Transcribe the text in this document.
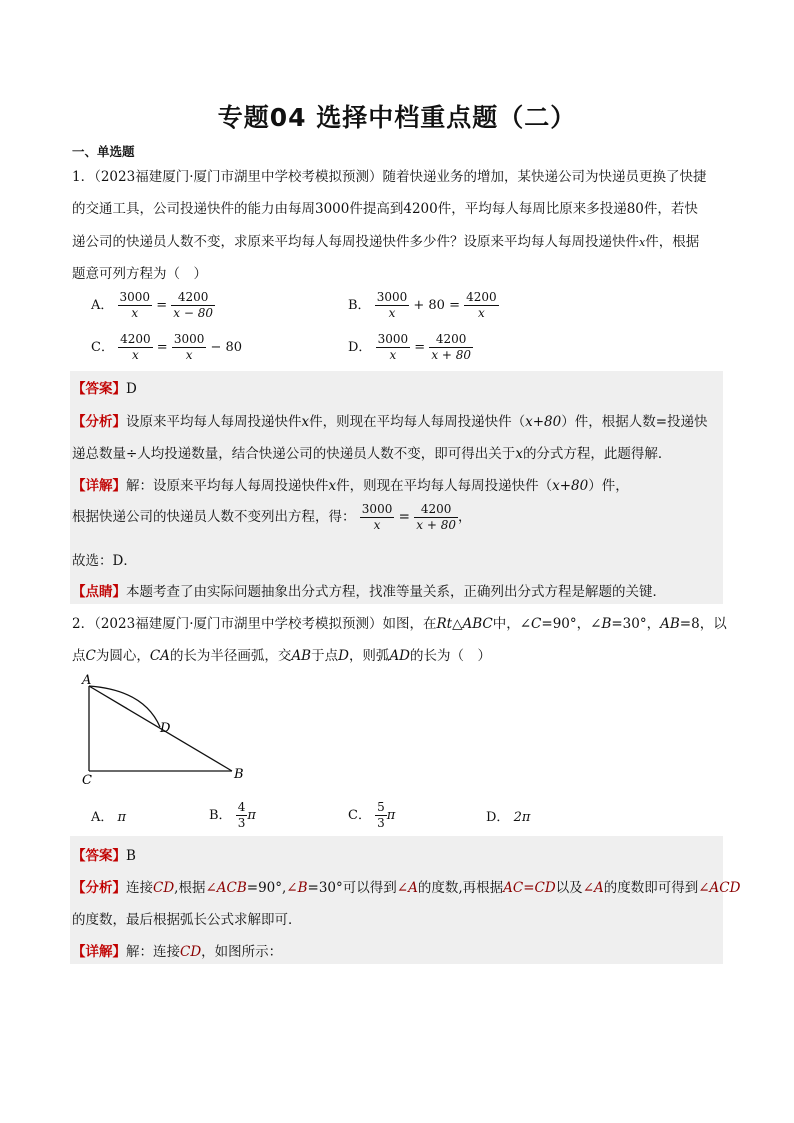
专题04 选择中档重点题（二）
一、单选题
1．（2023福建厦门·厦门市湖里中学校考模拟预测）随着快递业务的增加，某快递公司为快递员更换了快捷
的交通工具，公司投递快件的能力由每周3000件提高到4200件，平均每人每周比原来多投递80件，若快
递公司的快递员人数不变，求原来平均每人每周投递快件多少件？设原来平均每人每周投递快件x件，根据
题意可列方程为（　）
A． $\frac{3000}{x} = \frac{4200}{x - 80}$	B． $\frac{3000}{x} + 80 = \frac{4200}{x}$
C． $\frac{4200}{x} = \frac{3000}{x} - 80$	D． $\frac{3000}{x} = \frac{4200}{x + 80}$
【答案】D
【分析】设原来平均每人每周投递快件x件，则现在平均每人每周投递快件（x+80）件，根据人数=投递快
递总数量÷人均投递数量，结合快递公司的快递员人数不变，即可得出关于x的分式方程，此题得解．
【详解】解：设原来平均每人每周投递快件x件，则现在平均每人每周投递快件（x+80）件，
根据快递公司的快递员人数不变列出方程，得： $\frac{3000}{x} = \frac{4200}{x + 80}$ ，
故选：D．
【点睛】本题考查了由实际问题抽象出分式方程，找准等量关系，正确列出分式方程是解题的关键．
2．（2023福建厦门·厦门市湖里中学校考模拟预测）如图，在Rt△ABC中，∠C=90°，∠B=30°，AB=8，以
点C为圆心，CA的长为半径画弧，交AB于点D，则弧AD的长为（　）
A
D
C	B
A． π	B． $\frac{4}{3}$ π	C． $\frac{5}{3}$ π	D． 2π
【答案】B
【分析】连接CD,根据∠ACB=90°,∠B=30°可以得到∠A的度数,再根据AC=CD以及∠A的度数即可得到∠ACD
的度数，最后根据弧长公式求解即可．
【详解】解：连接CD，如图所示：
